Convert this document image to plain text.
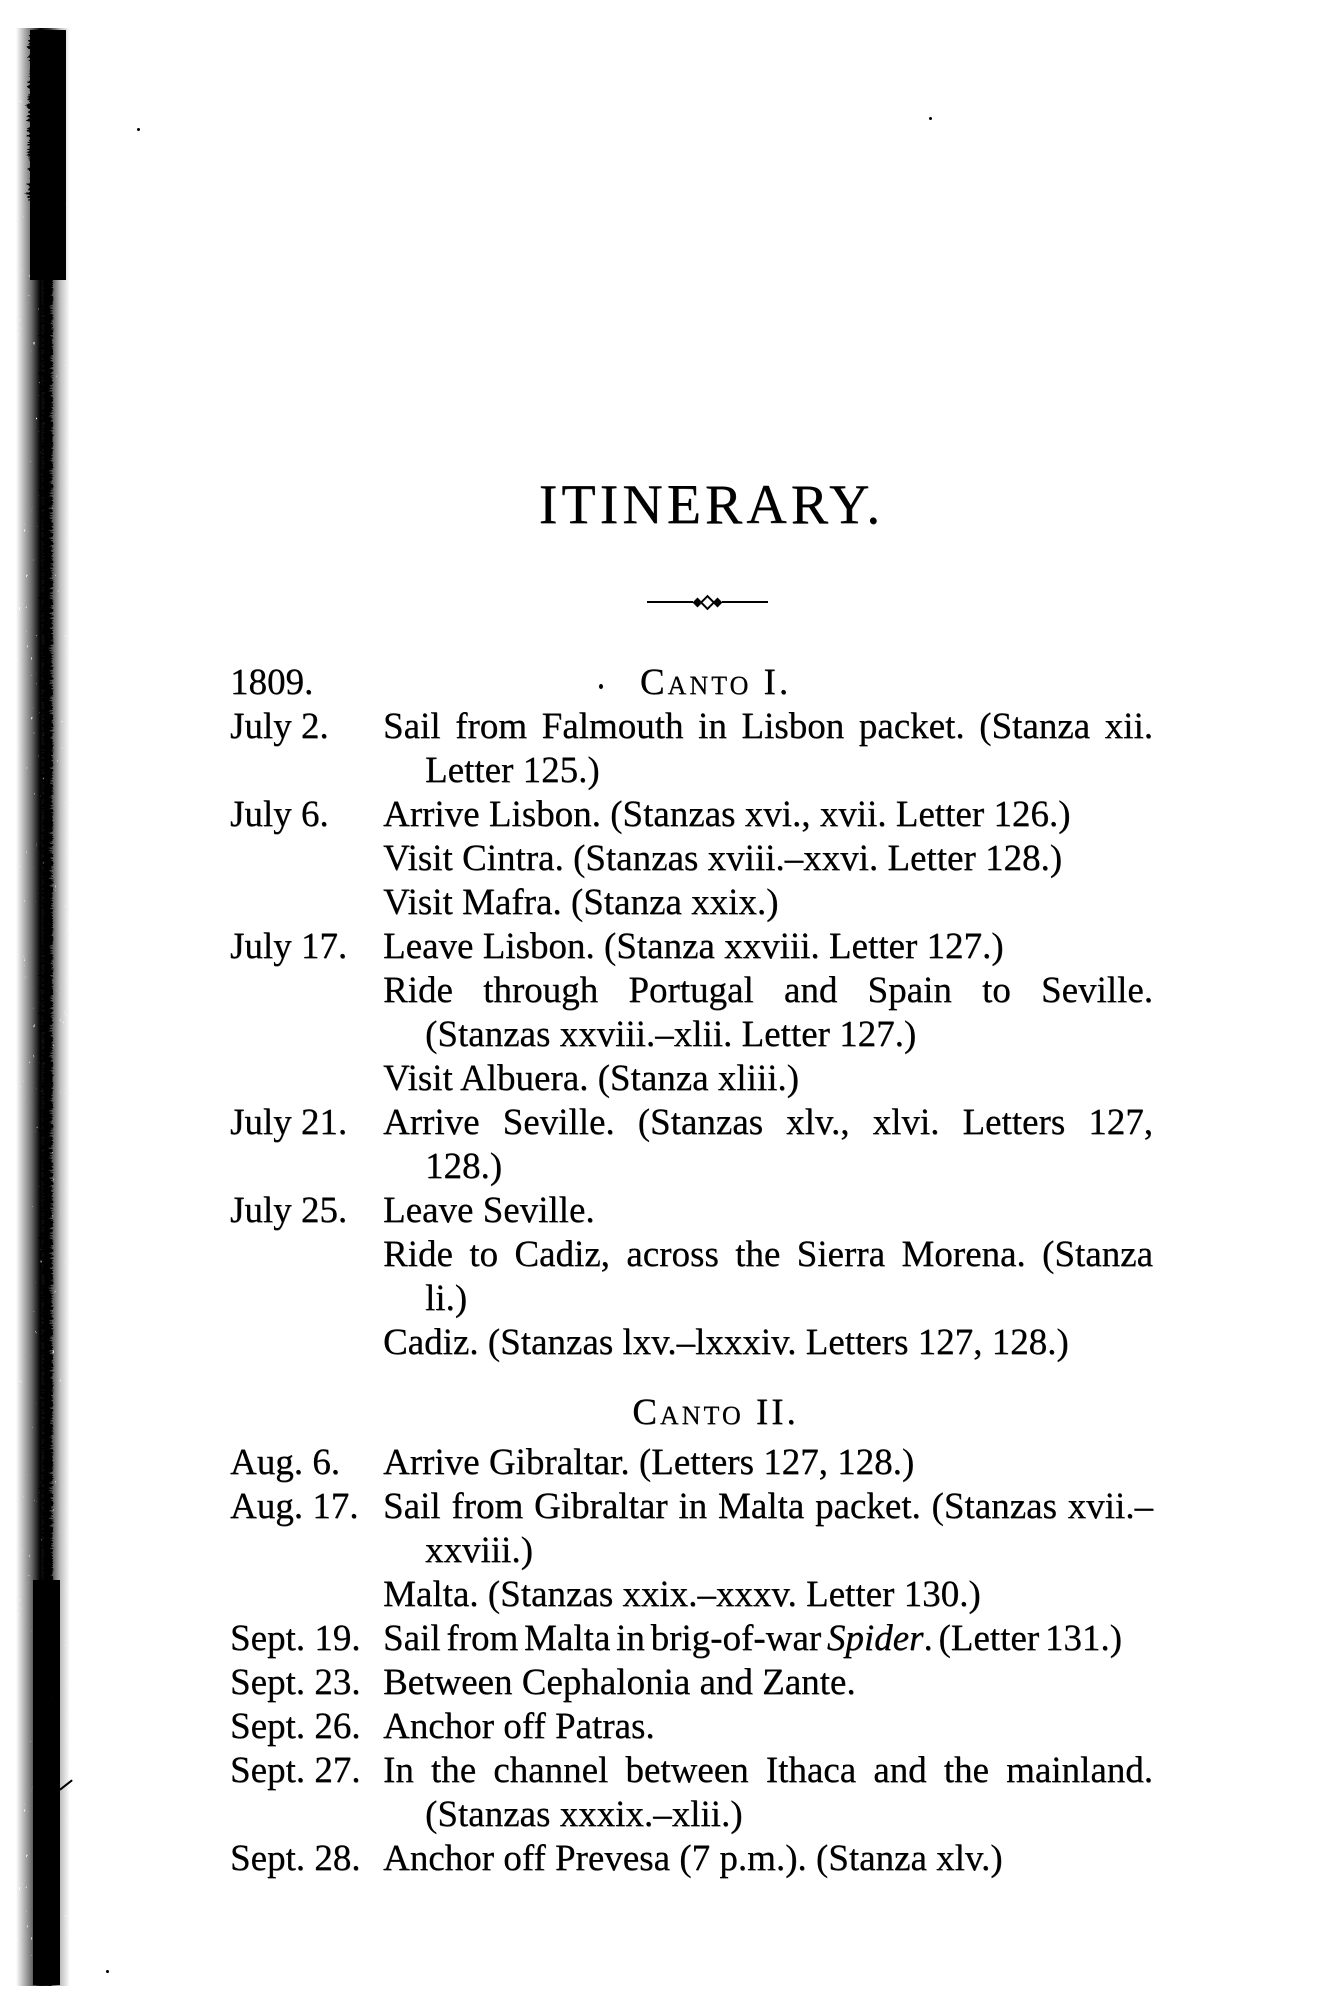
ITINERARY.
1809.	Canto I.
July 2. Sail from Falmouth in Lisbon packet. (Stanza xii. Letter 125.)

July 6. Arrive Lisbon. (Stanzas xvi., xvii. Letter 126.)

Visit Cintra. (Stanzas xviii.–xxvi. Letter 128.)

Visit Mafra. (Stanza xxix.)

July 17. Leave Lisbon. (Stanza xxviii. Letter 127.)

Ride through Portugal and Spain to Seville. (Stanzas xxviii.–xlii. Letter 127.)

Visit Albuera. (Stanza xliii.)

July 21. Arrive Seville. (Stanzas xlv., xlvi. Letters 127, 128.)

July 25. Leave Seville.

Ride to Cadiz, across the Sierra Morena. (Stanza li.)

Cadiz. (Stanzas lxv.–lxxxiv. Letters 127, 128.)

Canto II.
Aug. 6. Arrive Gibraltar. (Letters 127, 128.)

Aug. 17. Sail from Gibraltar in Malta packet. (Stanzas xvii.–xxviii.)

Malta. (Stanzas xxix.–xxxv. Letter 130.)

Sept. 19. Sail from Malta in brig-of-war Spider. (Letter 131.)

Sept. 23. Between Cephalonia and Zante.

Sept. 26. Anchor off Patras.

Sept. 27. In the channel between Ithaca and the mainland. (Stanzas xxxix.–xlii.)

Sept. 28. Anchor off Prevesa (7 p.m.). (Stanza xlv.)
